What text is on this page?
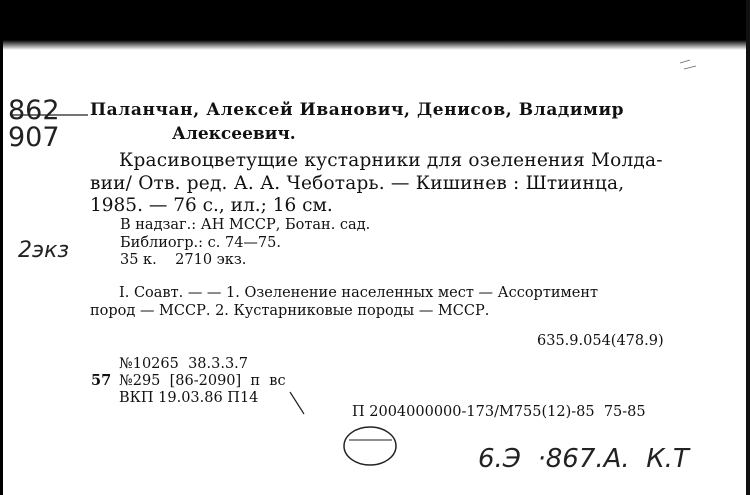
862
907
2экз
Паланчан, Алексей Иванович, Денисов, Владимир
Алексеевич.
Красивоцветущие кустарники для озеленения Молда-
вии/ Отв. ред. А. А. Чеботарь. — Кишинев : Штиинца,
1985. — 76 с., ил.; 16 см.
В надзаг.: АН МССР, Ботан. сад.
Библиогр.: с. 74—75.
35 к.    2710 экз.
I. Соавт. — — 1. Озеленение населенных мест — Ассортимент
пород — МССР. 2. Кустарниковые породы — МССР.
635.9.054(478.9)
№10265  38.3.3.7
57 №295  [86-2090]  п  вс
ВКП 19.03.86 П14
П 2004000000-173/М755(12)-85  75-85
6.Э  ·867.А.  К.Т
